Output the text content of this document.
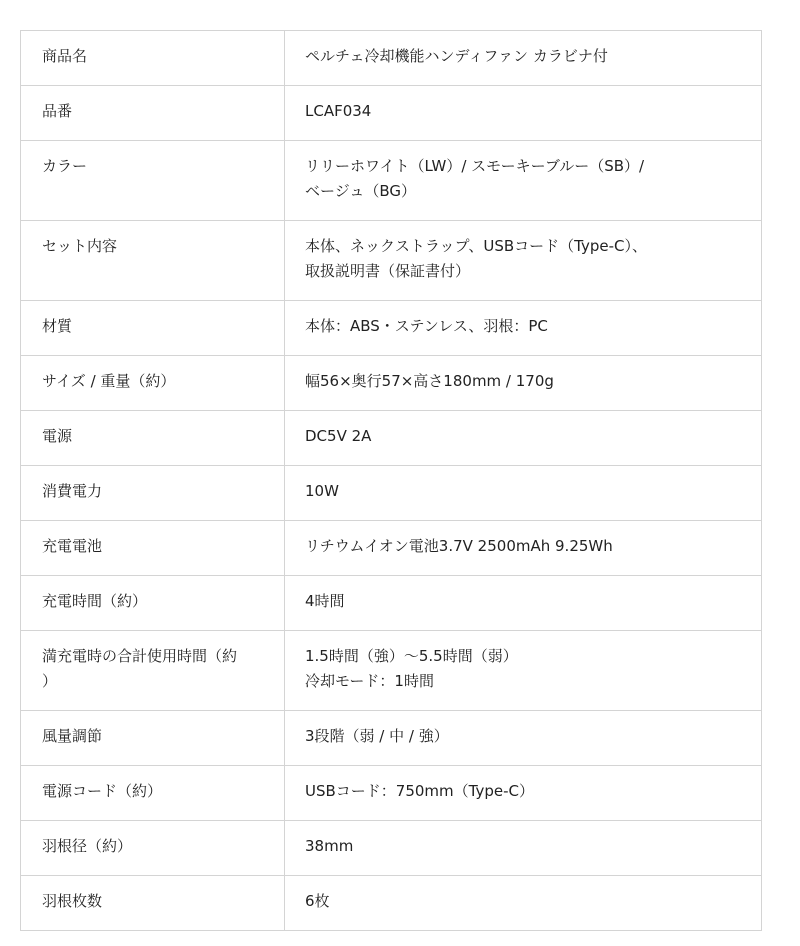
商品名	ペルチェ冷却機能ハンディファン カラビナ付
品番	LCAF034
カラー	リリーホワイト（LW）/ スモーキーブルー（SB）/
ベージュ（BG）
セット内容	本体、ネックストラップ、USBコード（Type-C）、
取扱説明書（保証書付）
材質	本体：ABS・ステンレス、羽根：PC
サイズ / 重量（約）	幅56×奥行57×高さ180mm / 170g
電源	DC5V 2A
消費電力	10W
充電電池	リチウムイオン電池3.7V 2500mAh 9.25Wh
充電時間（約）	4時間
満充電時の合計使用時間（約
）	1.5時間（強）～5.5時間（弱）
冷却モード：1時間
風量調節	3段階（弱 / 中 / 強）
電源コード（約）	USBコード：750mm（Type-C）
羽根径（約）	38mm
羽根枚数	6枚
